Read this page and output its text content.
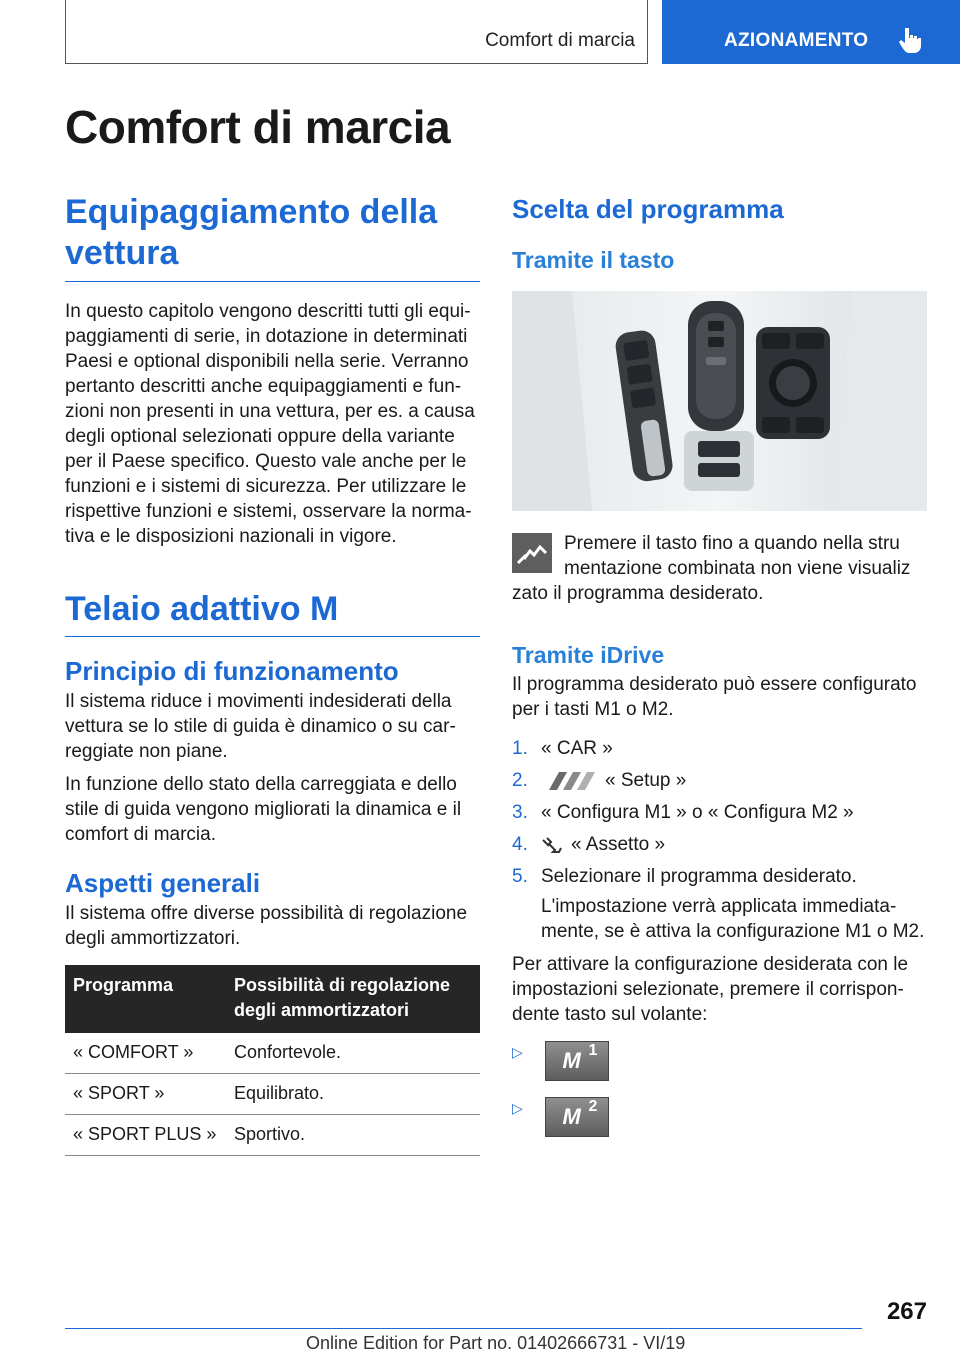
Comfort di marcia	AZIONAMENTO
Comfort di marcia
Equipaggiamento della vettura

In questo capitolo vengono descritti tutti gli equipaggiamenti di serie, in dotazione in determinati Paesi e optional disponibili nella serie. Verranno pertanto descritti anche equipaggiamenti e funzioni non presenti in una vettura, per es. a causa degli optional selezionati oppure della variante per il Paese specifico. Questo vale anche per le funzioni e i sistemi di sicurezza. Per utilizzare le rispettive funzioni e sistemi, osservare la normativa e le disposizioni nazionali in vigore.

Telaio adattivo M
Principio di funzionamento

Il sistema riduce i movimenti indesiderati della vettura se lo stile di guida è dinamico o su carreggiate non piane.

In funzione dello stato della carreggiata e dello stile di guida vengono migliorati la dinamica e il comfort di marcia.

Aspetti generali

Il sistema offre diverse possibilità di regolazione degli ammortizzatori.

Programma	Possibilità di regolazione degli ammortizzatori
« COMFORT »	Confortevole.
« SPORT »	Equilibrato.
« SPORT PLUS »	Sportivo.
Scelta del programma
Tramite il tasto

Premere il tasto fino a quando nella stru

mentazione combinata non viene visualiz

zato il programma desiderato.

Tramite iDrive

Il programma desiderato può essere configurato per i tasti M1 o M2.

1. « CAR »
2.	« Setup »
3. « Configura M1 » o « Configura M2 »
4. « Assetto »
5. Selezionare il programma desiderato.

L'impostazione verrà applicata immediatamente, se è attiva la configurazione M1 o M2.

Per attivare la configurazione desiderata con le impostazioni selezionate, premere il corrispondente tasto sul volante:

▷ M 1
▷ M 2
267
Online Edition for Part no. 01402666731 - VI/19
